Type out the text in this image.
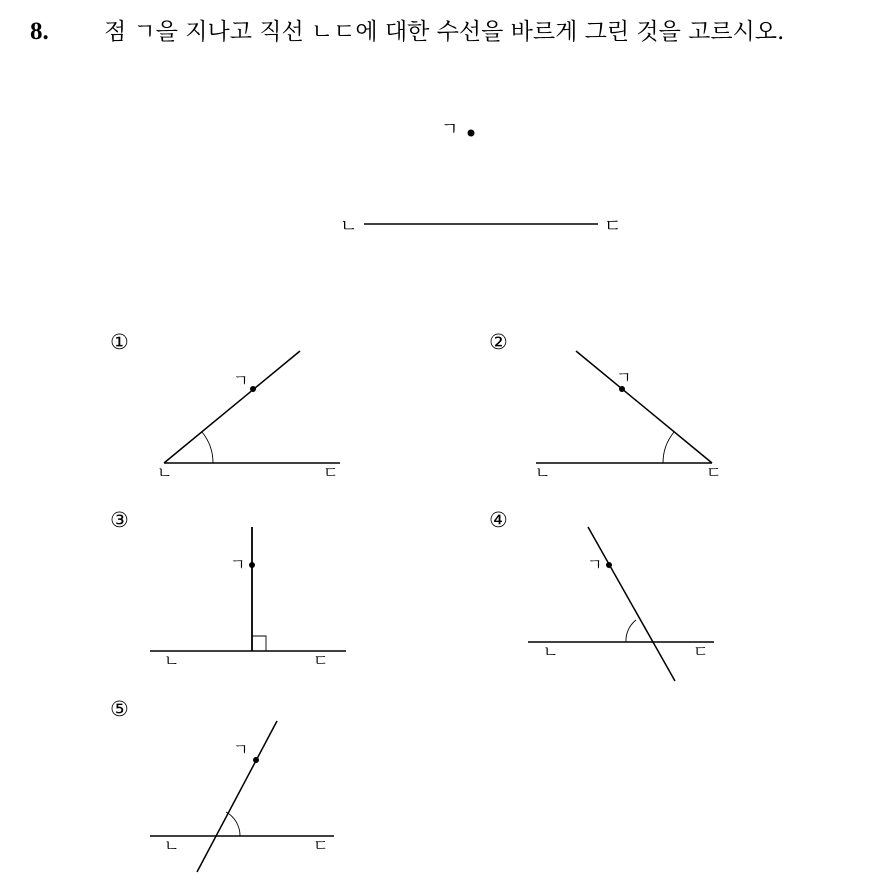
8. 점 ㄱ을 지나고 직선 ㄴㄷ에 대한 수선을 바르게 그린 것을 고르시오.
ㄱ
ㄴ	ㄷ
①
ㄱ
ㄴ	ㄷ
②
ㄱ
ㄴ	ㄷ
③
ㄱ
ㄴ	ㄷ
④
ㄱ
ㄴ	ㄷ
⑤
ㄱ
ㄴ	ㄷ
